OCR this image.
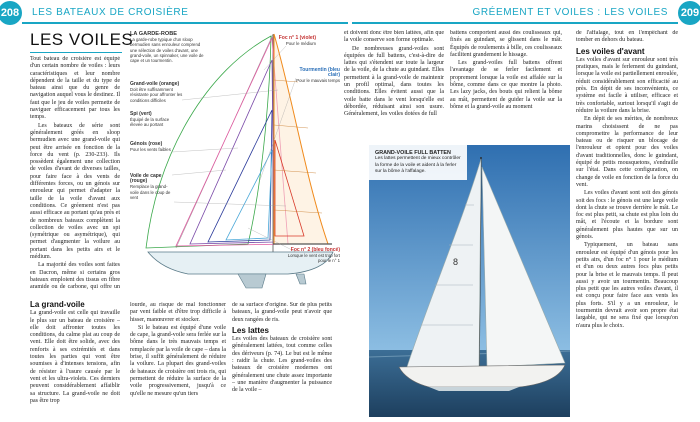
208 LES BATEAUX DE CROISIÈRE	GRÉEMENT ET VOILES : LES VOILES 209
LES VOILES

Tout bateau de croisière est équipé d'un certain nombre de voiles : leurs caractéristiques et leur nombre dépendent de la taille et du type de bateau ainsi que du genre de navigation auquel vous le destinez. Il faut que le jeu de voiles permette de naviguer efficacement par tous les temps.

Les bateaux de série sont généralement gréés en sloop bermudien avec une grand-voile qui peut être arrisée en fonction de la force du vent (p. 230-233). Ils possèdent également une collection de voiles d'avant de diverses tailles, pour faire face à des vents de différentes forces, ou un génois sur enrouleur qui permet d'adapter la taille de la voile d'avant aux conditions. Ce gréement n'est pas aussi efficace au portant qu'au près et de nombreux bateaux complètent la collection de voiles avec un spi (symétrique ou asymétrique), qui permet d'augmenter la voilure au portant dans les petits airs et le médium.

La majorité des voiles sont faites en Dacron, même si certains gros bateaux emploient des tissus en fibre aramide ou de carbone, qui offre un

La grand-voile

La grand-voile est celle qui travaille le plus sur un bateau de croisière – elle doit affronter toutes les conditions, du calme plat au coup de vent. Elle doit être solide, avec des renforts à ses extrémités et dans toutes les parties qui vont être soumises à d'intenses tensions, afin de résister à l'usure causée par le vent et les ultra-violets. Ces derniers peuvent considérablement affaiblir sa structure. La grand-voile ne doit pas être trop

lourde, au risque de mal fonctionner par vent faible et d'être trop difficile à hisser, manœuvrer et stocker.

Si le bateau est équipé d'une voile de cape, la grand-voile sera ferlée sur la bôme dans le très mauvais temps et remplacée par la voile de cape – dans la brise, il suffit généralement de réduire la voilure. La plupart des grand-voiles de bateaux de croisière ont trois ris, qui permettent de réduire la surface de la voile progressivement, jusqu'à ce qu'elle ne mesure qu'un tiers

de sa surface d'origine. Sur de plus petits bateaux, la grand-voile peut n'avoir que deux rangées de ris.

Les lattes

Les voiles des bateaux de croisière sont généralement lattées, tout comme celles des dériveurs (p. 74). Le but est le même : raidir la chute. Les grand-voiles des bateaux de croisière modernes ont généralement une chute assez importante – une manière d'augmenter la puissance de la voile –

LA GARDE-ROBE
La garde-robe typique d'un sloop bermudien sans enrouleur comprend une sélection de voiles d'avant, une grand-voile, un spinnaker, une voile de cape et un tourmentin.
Grand-voile (orange)
Doit être suffisamment résistante pour affronter les conditions difficiles
Spi (vert)
Équipé de la surface élevée au portant
Génois (rose)
Pour les vents faibles
Voile de cape (rouge)
Remplace la grand-voile dans le coup de vent
Foc n° 1 (violet)
Pour le médium
Tourmentin (bleu clair)
Pour le mauvais temps
Foc n° 2 (bleu foncé)
Lorsque le vent est trop fort pour le n° 1

et doivent donc être bien lattées, afin que la voile conserve son forme optimale.

De nombreuses grand-voiles sont équipées de full battens, c'est-à-dire de lattes qui s'étendent sur toute la largeur de la voile, de la chute au guindant. Elles permettent à la grand-voile de maintenir un profil optimal, dans toutes les conditions. Elles évitent aussi que la voile batte dans le vent lorsqu'elle est débordée, réduisant ainsi son usure. Généralement, les voiles dotées de full

battens comportent aussi des coulisseaux qui, fixés au guindant, se glissent dans le mât. Équipés de roulements à bille, ces coulisseaux facilitent grandement le hissage.

Les grand-voiles full battens offrent l'avantage de se ferler facilement et proprement lorsque la voile est affalée sur la bôme, comme dans ce que montre la photo. Les lazy jacks, des bouts qui relient la bôme au mât, permettent de guider la voile sur la bôme et la grand-voile au moment

8
GRAND-VOILE FULL BATTEN
Les lattes permettent de mieux contrôler la forme de la voile et aident à la ferler sur la bôme à l'affalage.

de l'affalage, tout en l'empêchant de tomber en dehors du bateau.

Les voiles d'avant

Les voiles d'avant sur enrouleur sont très pratiques, mais le ferlement du guindant, lorsque la voile est partiellement enroulée, réduit considérablement son efficacité au près. En dépit de ses inconvénients, ce système est facile à utiliser, efficace et très confortable, surtout lorsqu'il s'agit de réduire la voilure dans la brise.

En dépit de ses mérites, de nombreux marins choisissent de ne pas compromettre la performance de leur bateau ou de risquer un blocage de l'enrouleur et optent pour des voiles d'avant traditionnelles, donc le guindant, équipé de petits mousquetons, s'endraille sur l'étai. Dans cette configuration, on change de voile en fonction de la force du vent.

Les voiles d'avant sont soit des génois soit des focs : le génois est une large voile dont la chute se trouve derrière le mât. Le foc est plus petit, sa chute est plus loin du mât, et l'écoute et la bordure sont généralement plus hautes que sur un génois.

Typiquement, un bateau sans enrouleur est équipé d'un génois pour les petits airs, d'un foc n° 1 pour le médium et d'un ou deux autres focs plus petits pour la brise et le mauvais temps. Il peut aussi y avoir un tourmentin. Beaucoup plus petit que les autres voiles d'avant, il est conçu pour faire face aux vents les plus forts. S'il y a un enrouleur, le tourmentin devrait avoir son propre étai largable, qui ne sera fixé que lorsqu'on n'aura plus le choix.
